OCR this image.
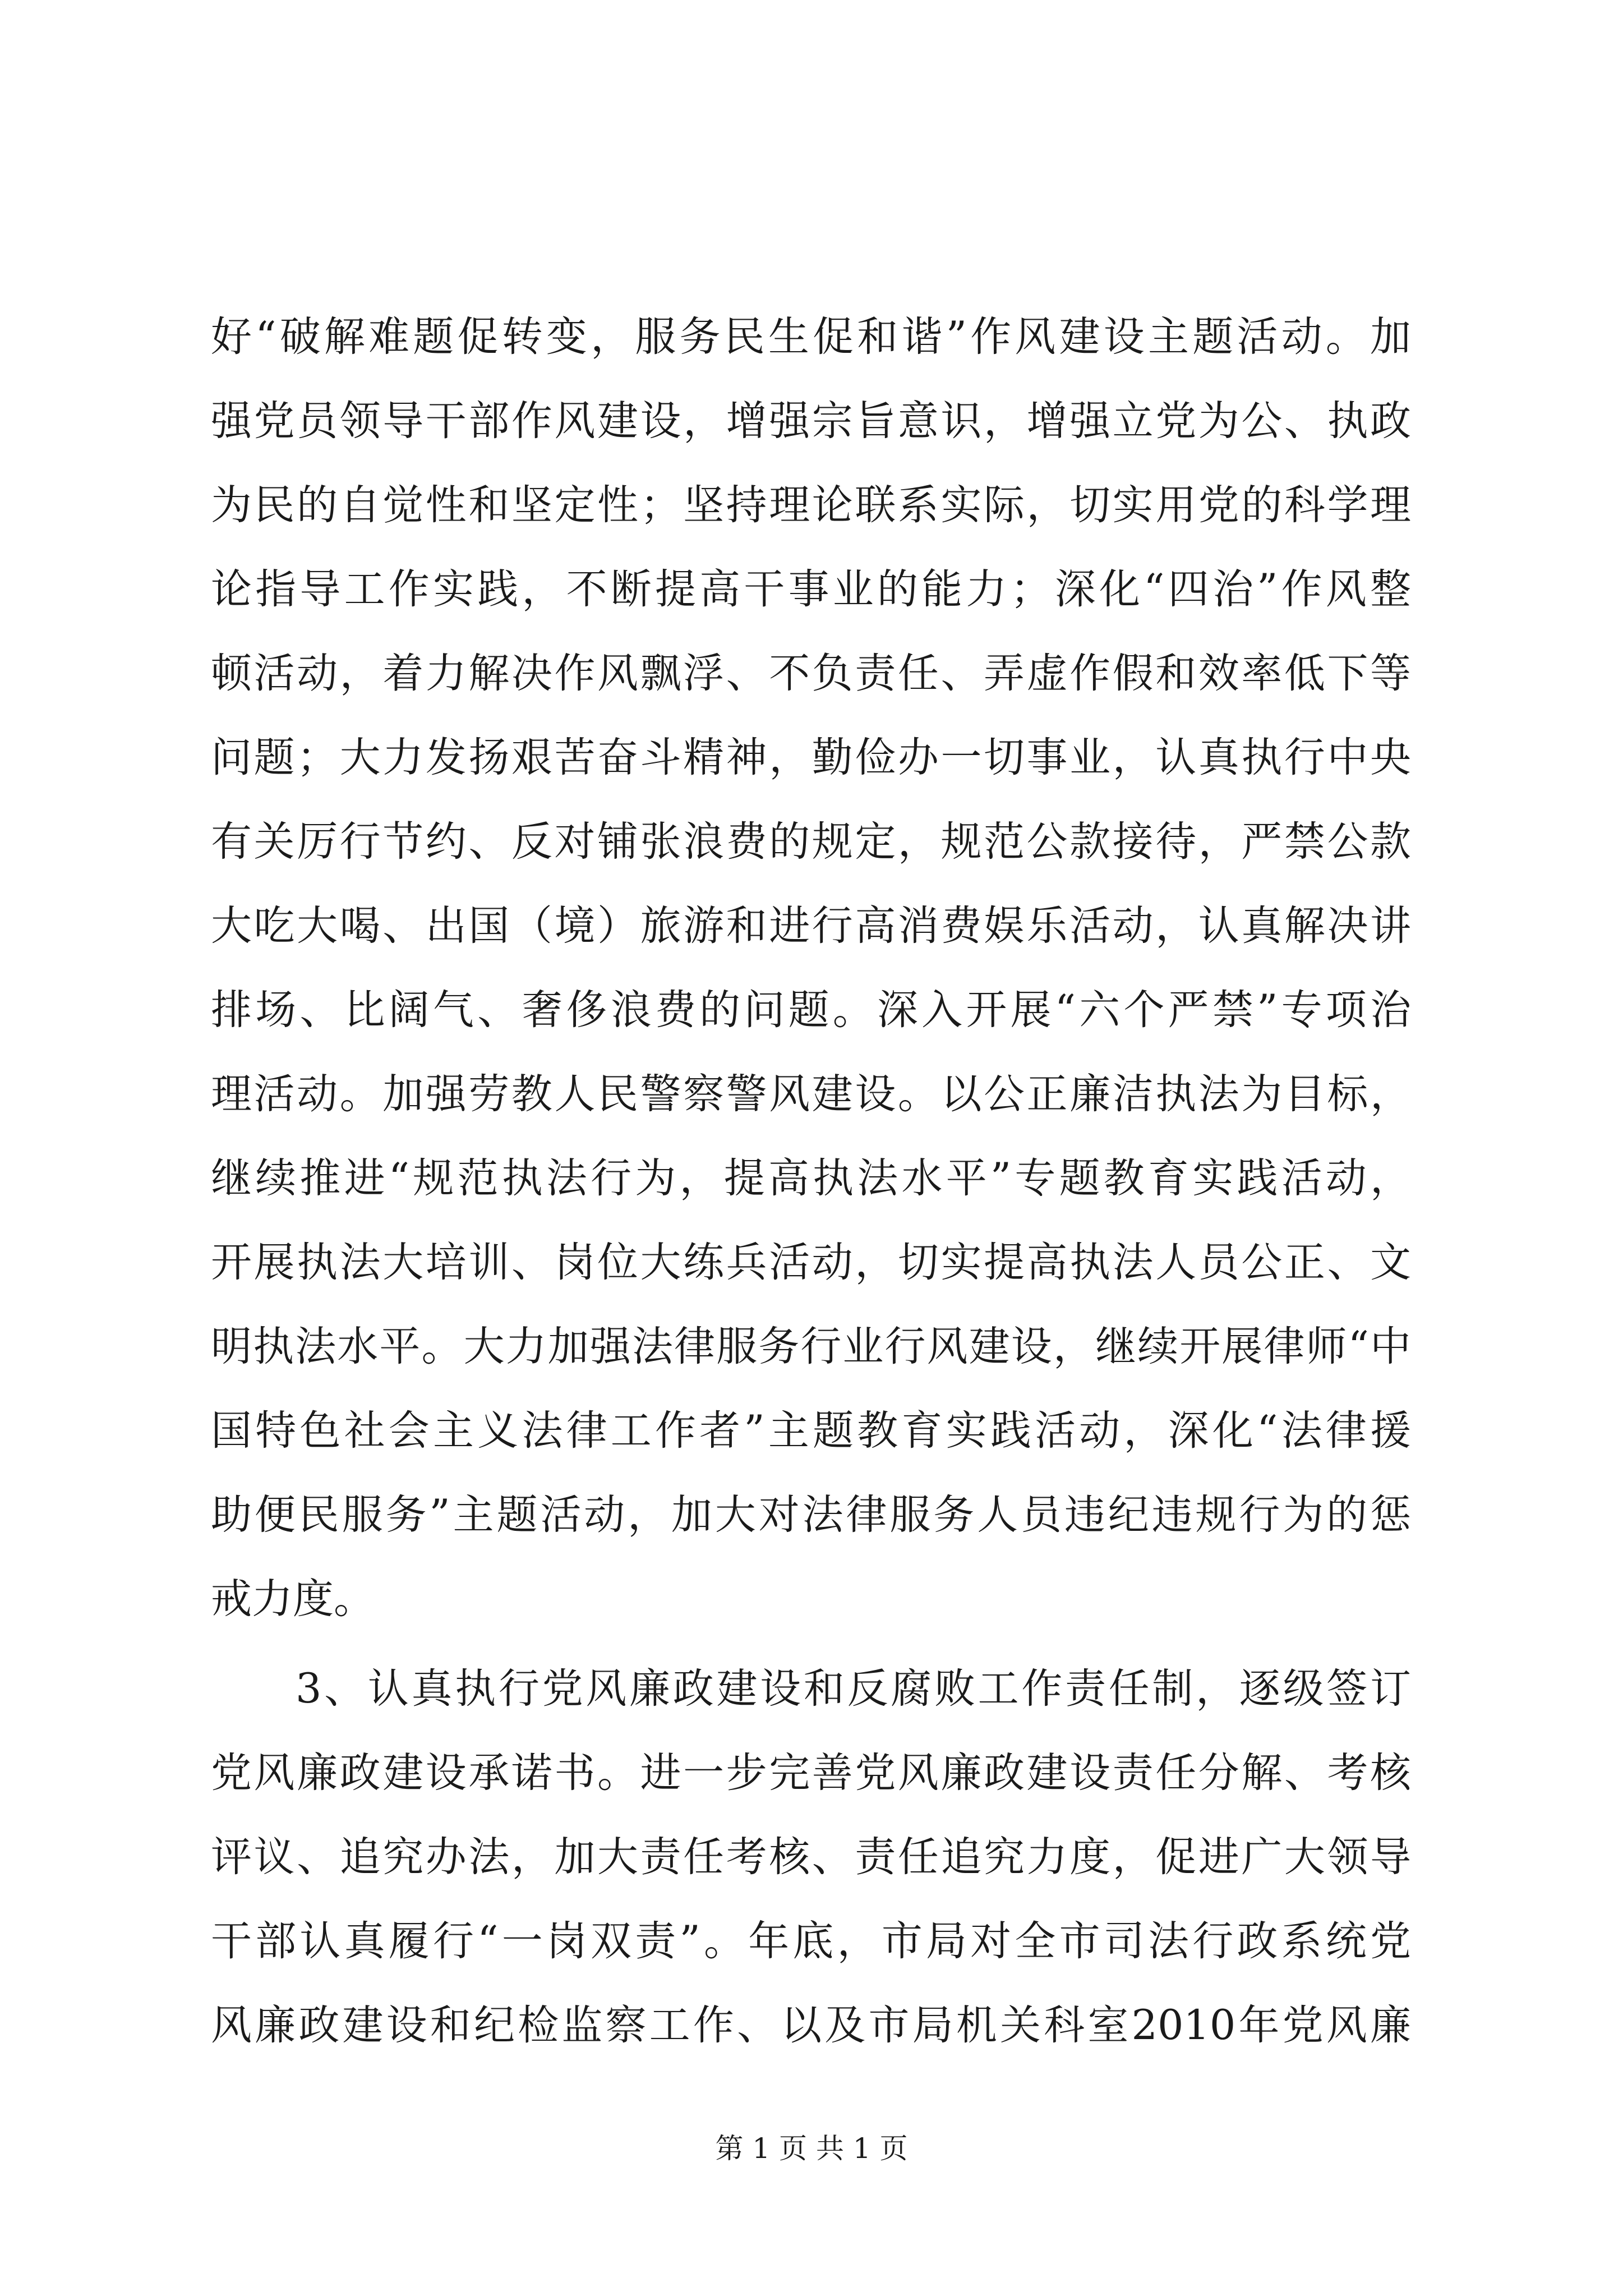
好“破解难题促转变，服务民生促和谐”作风建设主题活动。加
强党员领导干部作风建设，增强宗旨意识，增强立党为公、执政
为民的自觉性和坚定性；坚持理论联系实际，切实用党的科学理
论指导工作实践，不断提高干事业的能力；深化“四治”作风整
顿活动，着力解决作风飘浮、不负责任、弄虚作假和效率低下等
问题；大力发扬艰苦奋斗精神，勤俭办一切事业，认真执行中央
有关厉行节约、反对铺张浪费的规定，规范公款接待，严禁公款
大吃大喝、出国（境）旅游和进行高消费娱乐活动，认真解决讲
排场、比阔气、奢侈浪费的问题。深入开展“六个严禁”专项治
理活动。加强劳教人民警察警风建设。以公正廉洁执法为目标，
继续推进“规范执法行为，提高执法水平”专题教育实践活动，
开展执法大培训、岗位大练兵活动，切实提高执法人员公正、文
明执法水平。大力加强法律服务行业行风建设，继续开展律师“中
国特色社会主义法律工作者”主题教育实践活动，深化“法律援
助便民服务”主题活动，加大对法律服务人员违纪违规行为的惩
戒力度。
3、认真执行党风廉政建设和反腐败工作责任制，逐级签订
党风廉政建设承诺书。进一步完善党风廉政建设责任分解、考核
评议、追究办法，加大责任考核、责任追究力度，促进广大领导
干部认真履行“一岗双责”。年底，市局对全市司法行政系统党
风廉政建设和纪检监察工作、以及市局机关科室2010年党风廉
第 1 页 共 1 页
